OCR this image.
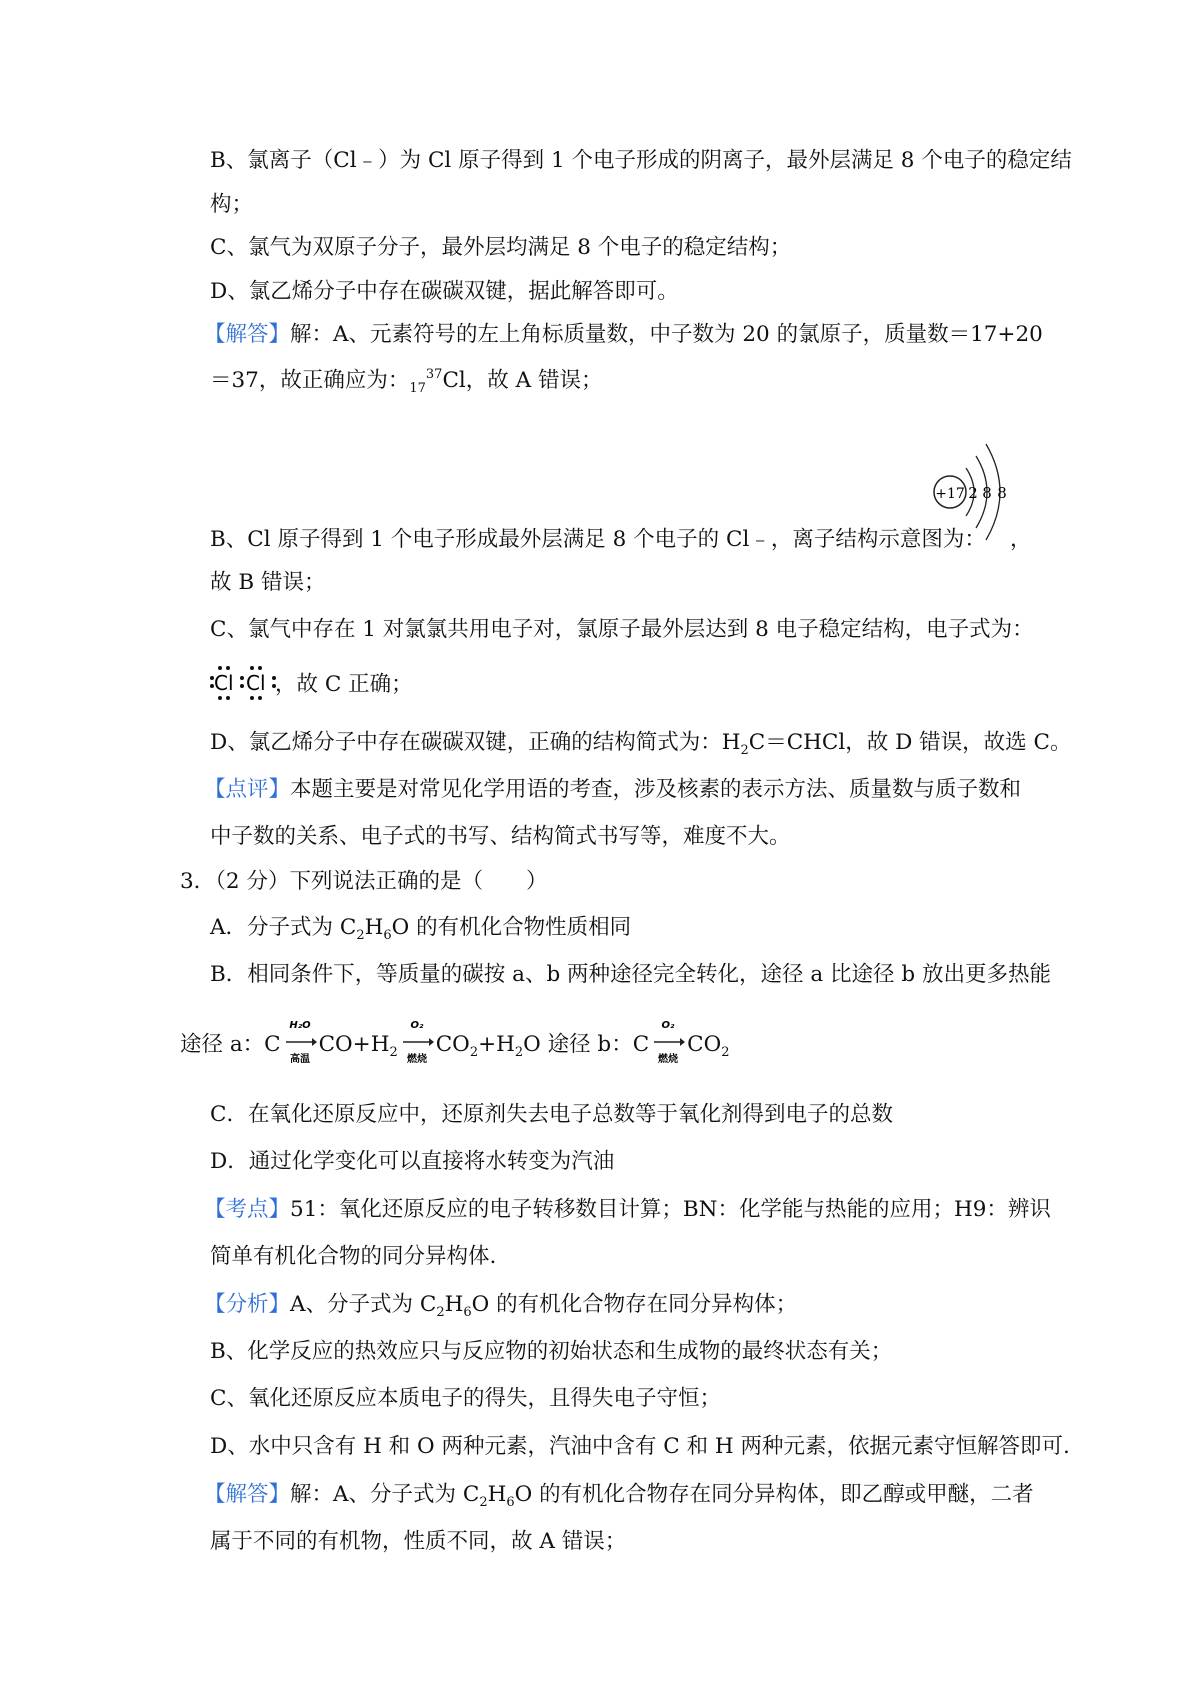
B、氯离子（Cl﹣）为 Cl 原子得到 1 个电子形成的阴离子，最外层满足 8 个电子的稳定结
构；
C、氯气为双原子分子，最外层均满足 8 个电子的稳定结构；
D、氯乙烯分子中存在碳碳双键，据此解答即可。
【解答】解：A、元素符号的左上角标质量数，中子数为 20 的氯原子，质量数＝17+20
＝37，故正确应为：$_{17}^{37}$Cl，故 A 错误；
+17 2 8 8
B、Cl 原子得到 1 个电子形成最外层满足 8 个电子的 Cl﹣，离子结构示意图为： ，
故 B 错误；
C、氯气中存在 1 对氯氯共用电子对，氯原子最外层达到 8 电子稳定结构，电子式为：
Cl Cl ，故 C 正确；
D、氯乙烯分子中存在碳碳双键，正确的结构简式为：$H_2C=CHCl$，故 D 错误，故选 C。
【点评】本题主要是对常见化学用语的考查，涉及核素的表示方法、质量数与质子数和
中子数的关系、电子式的书写、结构简式书写等，难度不大。
3．（2 分）下列说法正确的是（　　）
A．分子式为 $C_2H_6O$ 的有机化合物性质相同
B．相同条件下，等质量的碳按 a、b 两种途径完全转化，途径 a 比途径 b 放出更多热能
途径 a：C
H₂O
高温
$CO+H_2$
O₂
燃烧
$CO_2+H_2O$ 途径 b：C
O₂
燃烧
$CO_2$
C．在氧化还原反应中，还原剂失去电子总数等于氧化剂得到电子的总数
D．通过化学变化可以直接将水转变为汽油
【考点】51：氧化还原反应的电子转移数目计算；BN：化学能与热能的应用；H9：辨识
简单有机化合物的同分异构体.
【分析】A、分子式为 $C_2H_6O$ 的有机化合物存在同分异构体；
B、化学反应的热效应只与反应物的初始状态和生成物的最终状态有关；
C、氧化还原反应本质电子的得失，且得失电子守恒；
D、水中只含有 H 和 O 两种元素，汽油中含有 C 和 H 两种元素，依据元素守恒解答即可.
【解答】解：A、分子式为 $C_2H_6O$ 的有机化合物存在同分异构体，即乙醇或甲醚，二者
属于不同的有机物，性质不同，故 A 错误；
